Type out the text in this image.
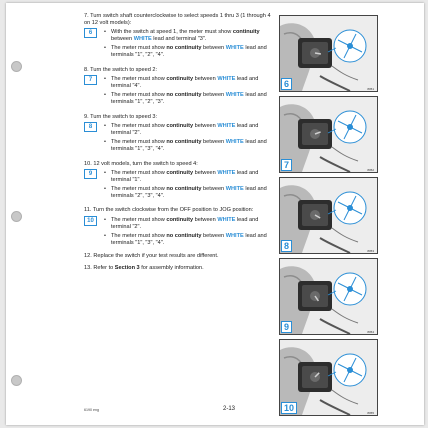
7. Turn switch shaft counterclockwise to select speeds 1 thru 3 (1 through 4 on 12 volt models):
6	• With the switch at speed 1, the meter must show continuity between WHITE lead and terminal "3".

• The meter must show no continuity between WHITE lead and terminals "1", "2", "4".

8. Turn the switch to speed 2:
7	• The meter must show continuity between WHITE lead and terminal "4".

• The meter must show no continuity between WHITE lead and terminals "1", "2", "3".

9. Turn the switch to speed 3:
8	• The meter must show continuity between WHITE lead and terminal "2".

• The meter must show no continuity between WHITE lead and terminals "1", "3", "4".

10. 12 volt models, turn the switch to speed 4:
9	• The meter must show continuity between WHITE lead and terminal "1".

• The meter must show no continuity between WHITE lead and terminals "2", "3", "4".

11. Turn the switch clockwise from the OFF position to JOG position:
10	• The meter must show continuity between WHITE lead and terminal "2".

• The meter must show no continuity between WHITE lead and terminals "1", "3", "4".

12. Replace the switch if your test results are different.
13. Refer to Section 3 for assembly information.
6	8051
7	8052
8	8053
9	8054
10	8055
6190 eng	2-13
